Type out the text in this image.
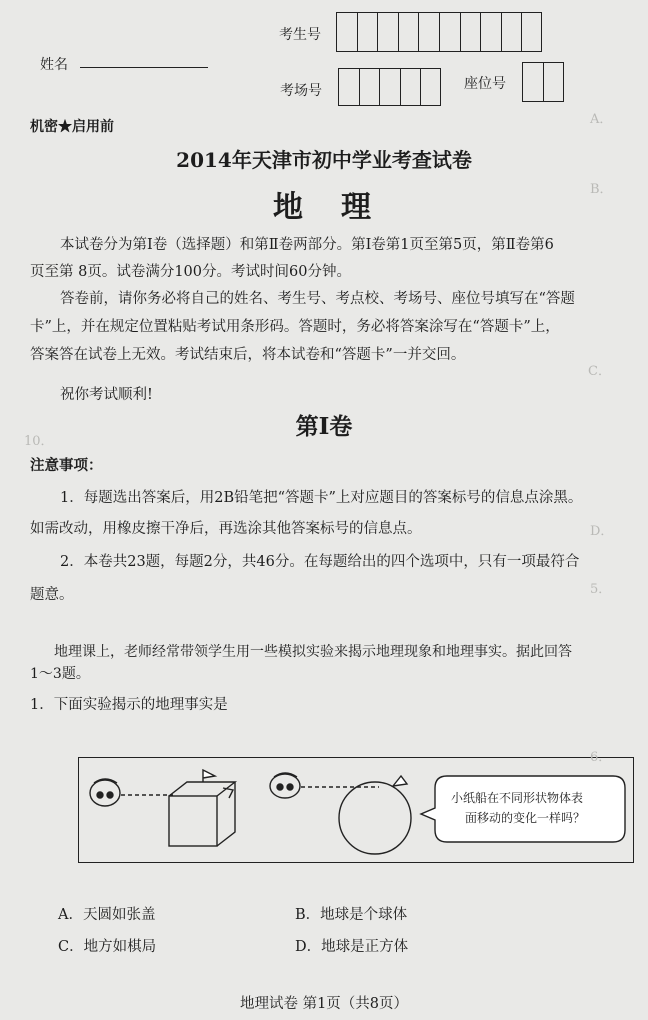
考生号
姓名
考场号	座位号
机密★启用前
2014年天津市初中学业考查试卷
地　理
本试卷分为第Ⅰ卷（选择题）和第Ⅱ卷两部分。第Ⅰ卷第1页至第5页，第Ⅱ卷第6
页至第 8页。试卷满分100分。考试时间60分钟。
答卷前，请你务必将自己的姓名、考生号、考点校、考场号、座位号填写在“答题
卡”上，并在规定位置粘贴考试用条形码。答题时，务必将答案涂写在“答题卡”上，
答案答在试卷上无效。考试结束后，将本试卷和“答题卡”一并交回。
祝你考试顺利!
第Ⅰ卷
注意事项：
1．每题选出答案后，用2B铅笔把“答题卡”上对应题目的答案标号的信息点涂黑。
如需改动，用橡皮擦干净后，再选涂其他答案标号的信息点。
2．本卷共23题，每题2分，共46分。在每题给出的四个选项中，只有一项最符合
题意。
地理课上，老师经常带领学生用一些模拟实验来揭示地理现象和地理事实。据此回答
1～3题。
1．下面实验揭示的地理事实是
小纸船在不同形状物体表
面移动的变化一样吗？
A．天圆如张盖	B．地球是个球体
C．地方如棋局	D．地球是正方体
地理试卷 第1页（共8页）
A．
B．
C．
D．
5．
6．
10．
